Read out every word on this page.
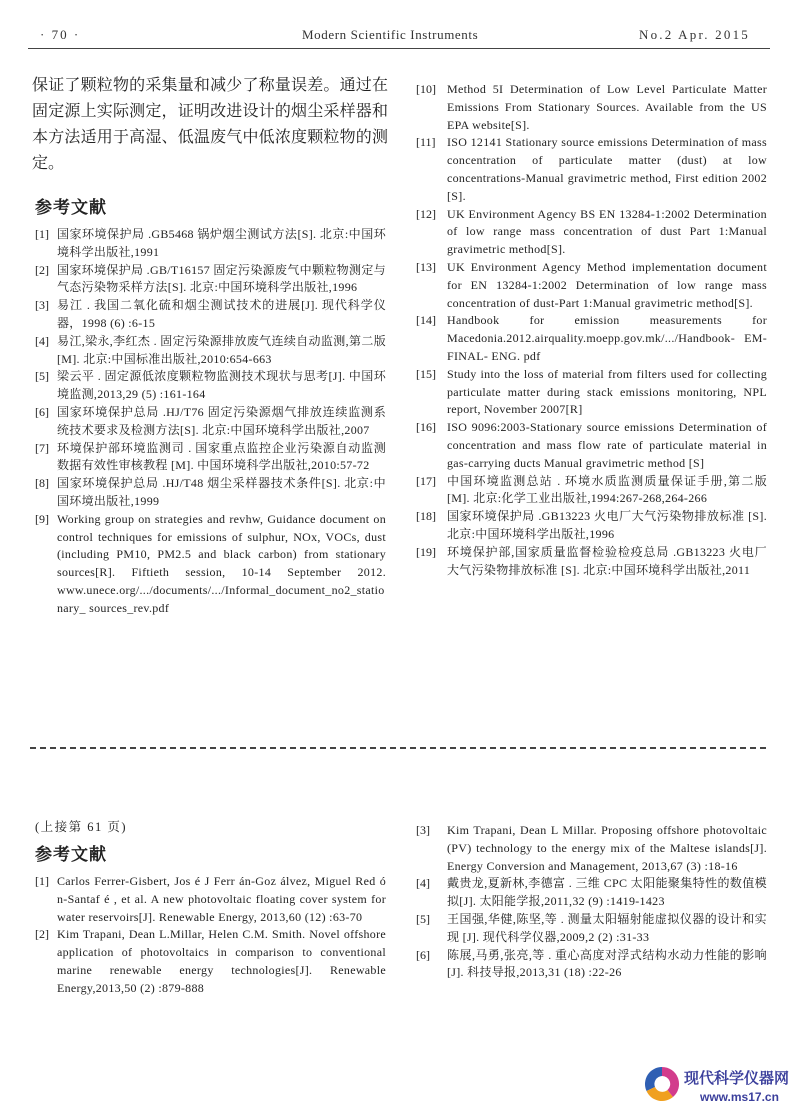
· 70 ·	Modern Scientific Instruments	No.2 Apr. 2015

保证了颗粒物的采集量和减少了称量误差。通过在固定源上实际测定，证明改进设计的烟尘采样器和本方法适用于高湿、低温废气中低浓度颗粒物的测定。

参考文献
[1] 国家环境保护局 .GB5468 锅炉烟尘测试方法[S]. 北京:中国环境科学出版社,1991
[2] 国家环境保护局 .GB/T16157 固定污染源废气中颗粒物测定与气态污染物采样方法[S]. 北京:中国环境科学出版社,1996
[3] 易江 . 我国二氧化硫和烟尘测试技术的进展[J]. 现代科学仪器，1998 (6) :6-15
[4] 易江,梁永,李红杰 . 固定污染源排放废气连续自动监测,第二版[M]. 北京:中国标准出版社,2010:654-663
[5] 梁云平 . 固定源低浓度颗粒物监测技术现状与思考[J]. 中国环境监测,2013,29 (5) :161-164
[6] 国家环境保护总局 .HJ/T76 固定污染源烟气排放连续监测系统技术要求及检测方法[S]. 北京:中国环境科学出版社,2007
[7] 环境保护部环境监测司 . 国家重点监控企业污染源自动监测数据有效性审核教程 [M]. 中国环境科学出版社,2010:57-72
[8] 国家环境保护总局 .HJ/T48 烟尘采样器技术条件[S]. 北京:中国环境出版社,1999
[9] Working group on strategies and revhw, Guidance document on control techniques for emissions of sulphur, NOx, VOCs, dust (including PM10, PM2.5 and black carbon) from stationary sources[R]. Fiftieth session, 10-14 September 2012. www.unece.org/.../documents/.../Informal_document_no2_stationary_ sources_rev.pdf
[10] Method 5I Determination of Low Level Particulate Matter Emissions From Stationary Sources. Available from the US EPA website[S].
[11] ISO 12141 Stationary source emissions Determination of mass concentration of particulate matter (dust) at low concentrations-Manual gravimetric method, First edition 2002 [S].
[12] UK Environment Agency BS EN 13284-1:2002 Determination of low range mass concentration of dust Part 1:Manual gravimetric method[S].
[13] UK Environment Agency Method implementation document for EN 13284-1:2002 Determination of low range mass concentration of dust-Part 1:Manual gravimetric method[S].
[14] Handbook for emission measurements for Macedonia.2012.airquality.moepp.gov.mk/.../Handbook- EM-FINAL- ENG. pdf
[15] Study into the loss of material from filters used for collecting particulate matter during stack emissions monitoring, NPL report, November 2007[R]
[16] ISO 9096:2003-Stationary source emissions Determination of concentration and mass flow rate of particulate material in gas-carrying ducts Manual gravimetric method [S]
[17] 中国环境监测总站 . 环境水质监测质量保证手册,第二版 [M]. 北京:化学工业出版社,1994:267-268,264-266
[18] 国家环境保护局 .GB13223 火电厂大气污染物排放标准 [S]. 北京:中国环境科学出版社,1996
[19] 环境保护部,国家质量监督检验检疫总局 .GB13223 火电厂大气污染物排放标准 [S]. 北京:中国环境科学出版社,2011
(上接第 61 页)
参考文献
[1] Carlos Ferrer-Gisbert, Jos é J Ferr án-Goz álvez, Miguel Red ó n-Santaf é , et al. A new photovoltaic floating cover system for water reservoirs[J]. Renewable Energy, 2013,60 (12) :63-70
[2] Kim Trapani, Dean L.Millar, Helen C.M. Smith. Novel offshore application of photovoltaics in comparison to conventional marine renewable energy technologies[J]. Renewable Energy,2013,50 (2) :879-888
[3]	Kim Trapani, Dean L Millar. Proposing offshore photovoltaic (PV) technology to the energy mix of the Maltese islands[J]. Energy Conversion and Management, 2013,67 (3) :18-16
[4]	戴贵龙,夏新林,李德富 . 三维 CPC 太阳能聚集特性的数值模拟[J]. 太阳能学报,2011,32 (9) :1419-1423
[5]	王国强,华健,陈坚,等 . 测量太阳辐射能虚拟仪器的设计和实现 [J]. 现代科学仪器,2009,2 (2) :31-33
[6]	陈展,马勇,张亮,等 . 重心高度对浮式结构水动力性能的影响[J]. 科技导报,2013,31 (18) :22-26
现代科学仪器网
www.ms17.cn
